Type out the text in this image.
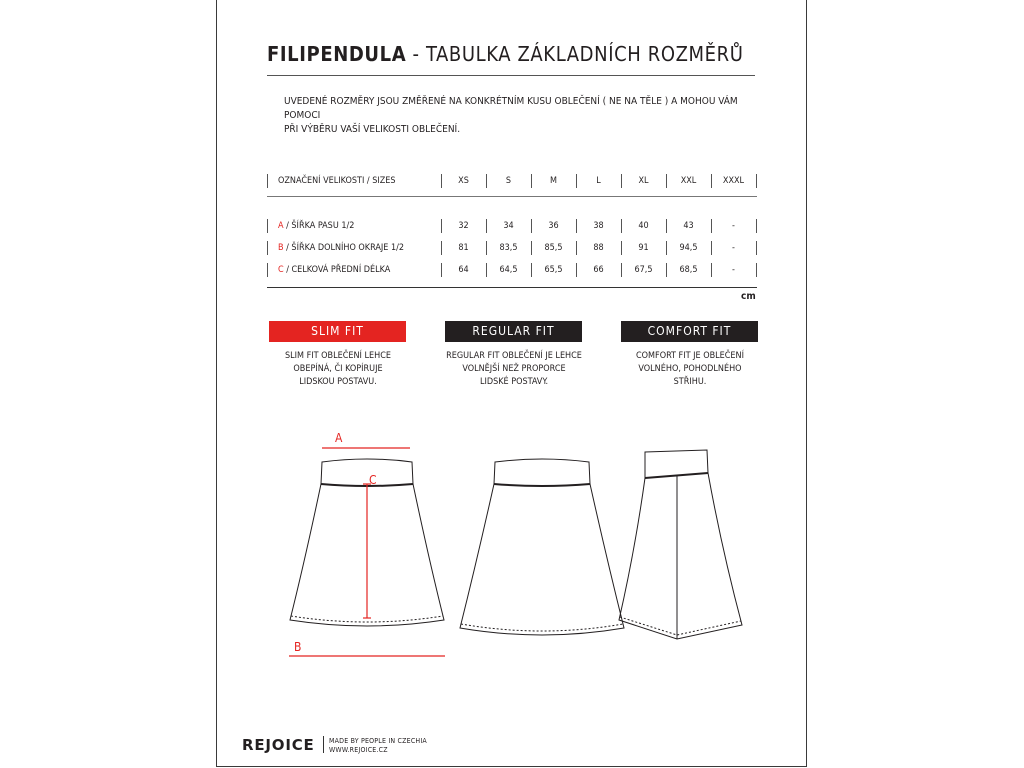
FILIPENDULA - TABULKA ZÁKLADNÍCH ROZMĚRŮ

UVEDENÉ ROZMĚRY JSOU ZMĚŘENÉ NA KONKRÉTNÍM KUSU OBLEČENÍ ( NE NA TĚLE ) A MOHOU VÁM POMOCI
PŘI VÝBĚRU VAŠÍ VELIKOSTI OBLEČENÍ.

OZNAČENÍ VELIKOSTI / SIZES	XS	S	M	L	XL	XXL	XXXL
A / ŠÍŘKA PASU 1/2	32	34	36	38	40	43	-
B / ŠÍŘKA DOLNÍHO OKRAJE 1/2	81	83,5	85,5	88	91	94,5	-
C / CELKOVÁ PŘEDNÍ DÉLKA	64	64,5	65,5	66	67,5	68,5	-
cm
SLIM FIT	REGULAR FIT	COMFORT FIT
SLIM FIT OBLEČENÍ LEHCE
OBEPÍNÁ, ČI KOPÍRUJE
LIDSKOU POSTAVU.
REGULAR FIT OBLEČENÍ JE LEHCE
VOLNĚJŠÍ NEŽ PROPORCE
LIDSKÉ POSTAVY.
COMFORT FIT JE OBLEČENÍ
VOLNÉHO, POHODLNÉHO
STŘIHU.
A
C
B
REJOICE MADE BY PEOPLE IN CZECHIA
WWW.REJOICE.CZ
